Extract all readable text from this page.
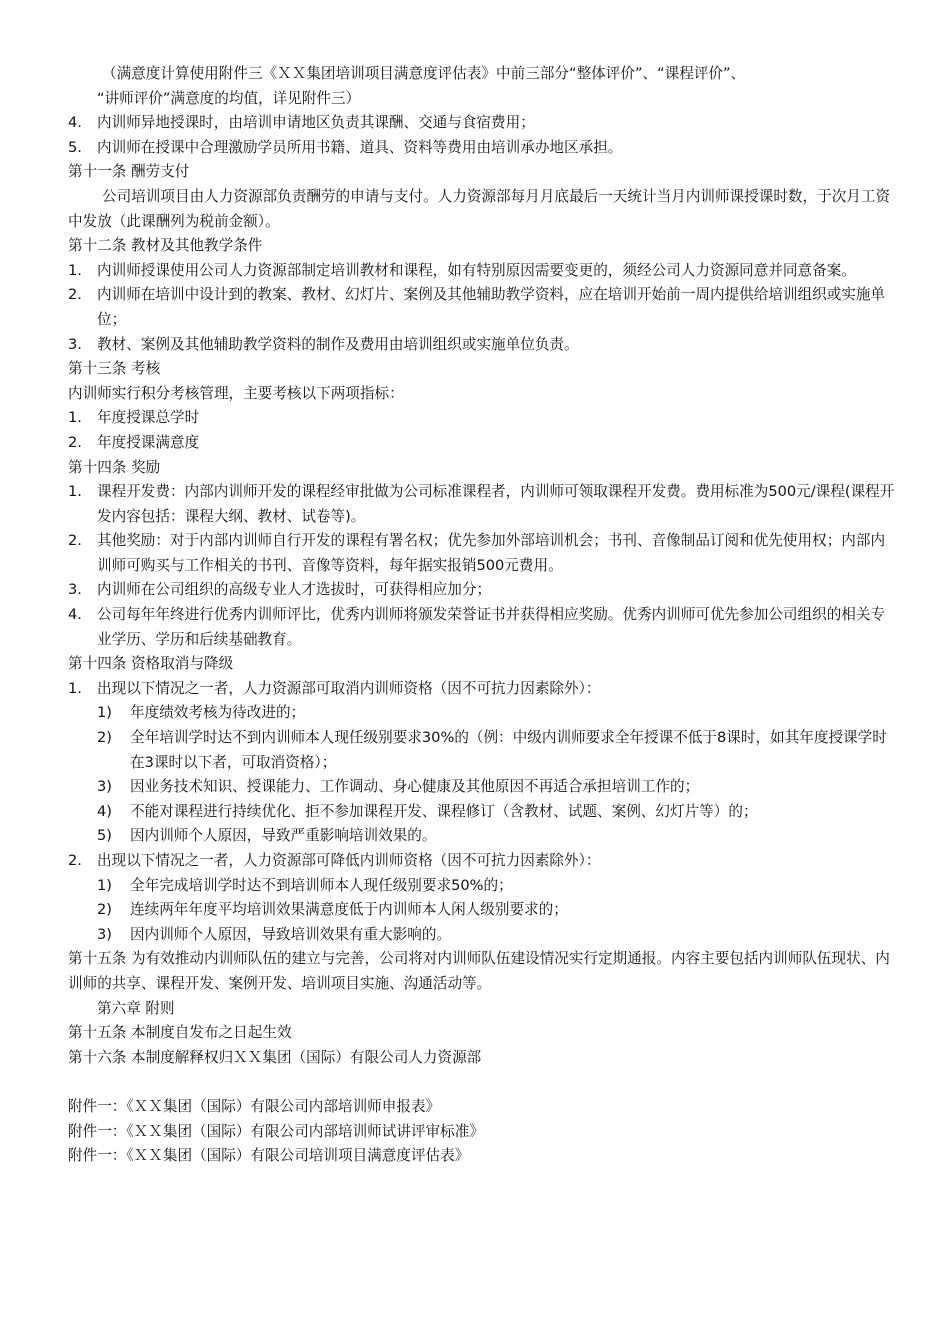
（满意度计算使用附件三《ＸＸ集团培训项目满意度评估表》中前三部分“整体评价”、“课程评价”、
“讲师评价”满意度的均值，详见附件三）
4.	内训师异地授课时，由培训申请地区负责其课酬、交通与食宿费用；
5.	内训师在授课中合理激励学员所用书籍、道具、资料等费用由培训承办地区承担。
第十一条 酬劳支付
公司培训项目由人力资源部负责酬劳的申请与支付。人力资源部每月月底最后一天统计当月内训师课授课时数，于次月工资中发放（此课酬列为税前金额）。
第十二条 教材及其他教学条件
1.	内训师授课使用公司人力资源部制定培训教材和课程，如有特别原因需要变更的，须经公司人力资源同意并同意备案。
2.	内训师在培训中设计到的教案、教材、幻灯片、案例及其他辅助教学资料，应在培训开始前一周内提供给培训组织或实施单位；
3.	教材、案例及其他辅助教学资料的制作及费用由培训组织或实施单位负责。
第十三条 考核
内训师实行积分考核管理，主要考核以下两项指标：
1.	年度授课总学时
2.	年度授课满意度
第十四条 奖励
1.	课程开发费：内部内训师开发的课程经审批做为公司标准课程者，内训师可领取课程开发费。费用标准为500元/课程(课程开发内容包括：课程大纲、教材、试卷等)。
2.	其他奖励：对于内部内训师自行开发的课程有署名权；优先参加外部培训机会；书刊、音像制品订阅和优先使用权；内部内训师可购买与工作相关的书刊、音像等资料，每年据实报销500元费用。
3.	内训师在公司组织的高级专业人才选拔时，可获得相应加分；
4.	公司每年年终进行优秀内训师评比，优秀内训师将颁发荣誉证书并获得相应奖励。优秀内训师可优先参加公司组织的相关专业学历、学历和后续基础教育。
第十四条 资格取消与降级
1.	出现以下情况之一者，人力资源部可取消内训师资格（因不可抗力因素除外）：
1)	年度绩效考核为待改进的；
2)	全年培训学时达不到内训师本人现任级别要求30%的（例：中级内训师要求全年授课不低于8课时，如其年度授课学时在3课时以下者，可取消资格）；
3)	因业务技术知识、授课能力、工作调动、身心健康及其他原因不再适合承担培训工作的；
4)	不能对课程进行持续优化、拒不参加课程开发、课程修订（含教材、试题、案例、幻灯片等）的；
5)	因内训师个人原因，导致严重影响培训效果的。
2.	出现以下情况之一者，人力资源部可降低内训师资格（因不可抗力因素除外）：
1)	全年完成培训学时达不到培训师本人现任级别要求50%的；
2)	连续两年年度平均培训效果满意度低于内训师本人闲人级别要求的；
3)	因内训师个人原因，导致培训效果有重大影响的。
第十五条 为有效推动内训师队伍的建立与完善，公司将对内训师队伍建设情况实行定期通报。内容主要包括内训师队伍现状、内训师的共享、课程开发、案例开发、培训项目实施、沟通活动等。
第六章 附则
第十五条 本制度自发布之日起生效
第十六条 本制度解释权归ＸＸ集团（国际）有限公司人力资源部
附件一：《ＸＸ集团（国际）有限公司内部培训师申报表》
附件一：《ＸＸ集团（国际）有限公司内部培训师试讲评审标准》
附件一：《ＸＸ集团（国际）有限公司培训项目满意度评估表》
